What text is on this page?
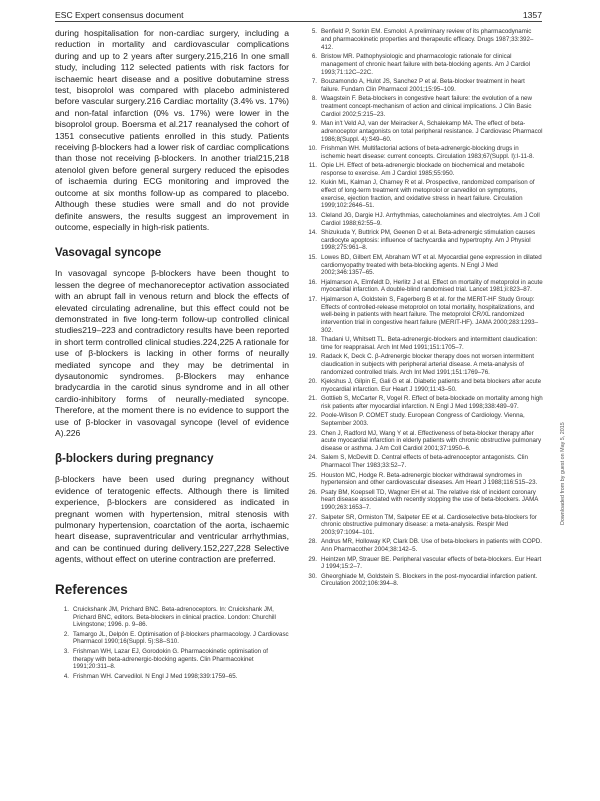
ESC Expert consensus document	1357

during hospitalisation for non-cardiac surgery, including a reduction in mortality and cardiovascular complications during and up to 2 years after surgery.215,216 In one small study, including 112 selected patients with risk factors for ischaemic heart disease and a positive dobutamine stress test, bisoprolol was compared with placebo administered before vascular surgery.216 Cardiac mortality (3.4% vs. 17%) and non-fatal infarction (0% vs. 17%) were lower in the bisoprolol group. Boersma et al.217 reanalysed the cohort of 1351 consecutive patients enrolled in this study. Patients receiving β-blockers had a lower risk of cardiac complications than those not receiving β-blockers. In another trial215,218 atenolol given before general surgery reduced the episodes of ischaemia during ECG monitoring and improved the outcome at six months follow-up as compared to placebo. Although these studies were small and do not provide definite answers, the results suggest an improvement in outcome, especially in high-risk patients.

Vasovagal syncope

In vasovagal syncope β-blockers have been thought to lessen the degree of mechanoreceptor activation associated with an abrupt fall in venous return and block the effects of elevated circulating adrenaline, but this effect could not be demonstrated in five long-term follow-up controlled clinical studies219–223 and contradictory results have been reported in short term controlled clinical studies.224,225 A rationale for use of β-blockers is lacking in other forms of neurally mediated syncope and they may be detrimental in dysautonomic syndromes. β-Blockers may enhance bradycardia in the carotid sinus syndrome and in all other cardio-inhibitory forms of neurally-mediated syncope. Therefore, at the moment there is no evidence to support the use of β-blocker in vasovagal syncope (level of evidence A).226

β-blockers during pregnancy

β-blockers have been used during pregnancy without evidence of teratogenic effects. Although there is limited experience, β-blockers are considered as indicated in pregnant women with hypertension, mitral stenosis with pulmonary hypertension, coarctation of the aorta, ischaemic heart disease, supraventricular and ventricular arrhythmias, and can be continued during delivery.152,227,228 Selective agents, without effect on uterine contraction are preferred.

References
1. Cruickshank JM, Prichard BNC. Beta-adrenoceptors. In: Cruickshank JM, Prichard BNC, editors. Beta-blockers in clinical practice. London: Churchill Livingstone; 1996. p. 9–86.
2. Tamargo JL, Delpón E. Optimisation of β-blockers pharmacology. J Cardiovasc Pharmacol 1990;16(Suppl. 5):S8–S10.
3. Frishman WH, Lazar EJ, Gorodokin G. Pharmacokinetic optimisation of therapy with beta-adrenergic-blocking agents. Clin Pharmacokinet 1991;20:311–8.
4. Frishman WH. Carvedilol. N Engl J Med 1998;339:1759–65.
5. Benfield P, Sorkin EM. Esmolol. A preliminary review of its pharmacodynamic and pharmacokinetic properties and therapeutic efficacy. Drugs 1987;33:392–412.
6. Bristow MR. Pathophysiologic and pharmacologic rationale for clinical management of chronic heart failure with beta-blocking agents. Am J Cardiol 1993;71:12C–22C.
7. Bouzamondo A, Hulot JS, Sanchez P et al. Beta-blocker treatment in heart failure. Fundam Clin Pharmacol 2001;15:95–109.
8. Waagstein F. Beta-blockers in congestive heart failure: the evolution of a new treatment concept-mechanism of action and clinical implications. J Clin Basic Cardiol 2002;5:215–23.
9. Man in't Veld AJ, van der Meiracker A, Schalekamp MA. The effect of beta-adrenoceptor antagonists on total peripheral resistance. J Cardiovasc Pharmacol 1986;8(Suppl. 4):S49–60.
10. Frishman WH. Multifactorial actions of beta-adrenergic-blocking drugs in ischemic heart disease: current concepts. Circulation 1983;67(Suppl. I):I-11-8.
11. Opie LH. Effect of beta-adrenergic blockade on biochemical and metabolic response to exercise. Am J Cardiol 1985;55:950.
12. Kukin ML, Kalman J, Charney R et al. Prospective, randomized comparison of effect of long-term treatment with metoprolol or carvedilol on symptoms, exercise, ejection fraction, and oxidative stress in heart failure. Circulation 1999;102:2646–51.
13. Cleland JG, Dargie HJ. Arrhythmias, catecholamines and electrolytes. Am J Coll Cardiol 1988;62:55–9.
14. Shizukuda Y, Buttrick PM, Geenen D et al. Beta-adrenergic stimulation causes cardiocyte apoptosis: influence of tachycardia and hypertrophy. Am J Physiol 1998;275:961–8.
15. Lowes BD, Gilbert EM, Abraham WT et al. Myocardial gene expression in dilated cardiomyopathy treated with beta-blocking agents. N Engl J Med 2002;346:1357–65.
16. Hjalmarson A, Elmfeldt D, Herlitz J et al. Effect on mortality of metoprolol in acute myocardial infarction. A double-blind randomised trial. Lancet 1981;ii:823–87.
17. Hjalmarson A, Goldstein S, Fagerberg B et al. for the MERIT-HF Study Group: Effects of controlled-release metoprolol on total mortality, hospitalizations, and well-being in patients with heart failure. The metoprolol CR/XL randomized intervention trial in congestive heart failure (MERIT-HF). JAMA 2000;283:1293–302.
18. Thadani U, Whitsett TL. Beta-adrenergic-blockers and intermittent claudication: time for reappraisal. Arch Int Med 1991;151:1705–7.
19. Radack K, Deck C. β-Adrenergic blocker therapy does not worsen intermittent claudication in subjects with peripheral arterial disease. A meta-analysis of randomized controlled trials. Arch Int Med 1991;151:1769–76.
20. Kjekshus J, Gilpin E, Gali G et al. Diabetic patients and beta blockers after acute myocardial infarction. Eur Heart J 1990;11:43–50.
21. Gottlieb S, McCarter R, Vogel R. Effect of beta-blockade on mortality among high risk patients after myocardial infarction. N Engl J Med 1998;338:489–97.
22. Poole-Wilson P. COMET study. European Congress of Cardiology. Vienna, September 2003.
23. Chen J, Radford MJ, Wang Y et al. Effectiveness of beta-blocker therapy after acute myocardial infarction in elderly patients with chronic obstructive pulmonary disease or asthma. J Am Coll Cardiol 2001;37:1950–6.
24. Salem S, McDevitt D. Central effects of beta-adrenoceptor antagonists. Clin Pharmacol Ther 1983;33:52–7.
25. Houston MC, Hodge R. Beta-adrenergic blocker withdrawal syndromes in hypertension and other cardiovascular diseases. Am Heart J 1988;116:515–23.
26. Psaty BM, Koepsell TD, Wagner EH et al. The relative risk of incident coronary heart disease associated with recently stopping the use of beta-blockers. JAMA 1990;263:1653–7.
27. Salpeter SR, Ormiston TM, Salpeter EE et al. Cardioselective beta-blockers for chronic obstructive pulmonary disease: a meta-analysis. Respir Med 2003;97:1094–101.
28. Andrus MR, Holloway KP, Clark DB. Use of beta-blockers in patients with COPD. Ann Pharmacother 2004;38:142–5.
29. Heintzen MP, Strauer BE. Peripheral vascular effects of beta-blockers. Eur Heart J 1994;15:2–7.
30. Gheorghiade M, Goldstein S. Blockers in the post-myocardial infarction patient. Circulation 2002;106:394–8.
Downloaded from by guest on May 5, 2015
